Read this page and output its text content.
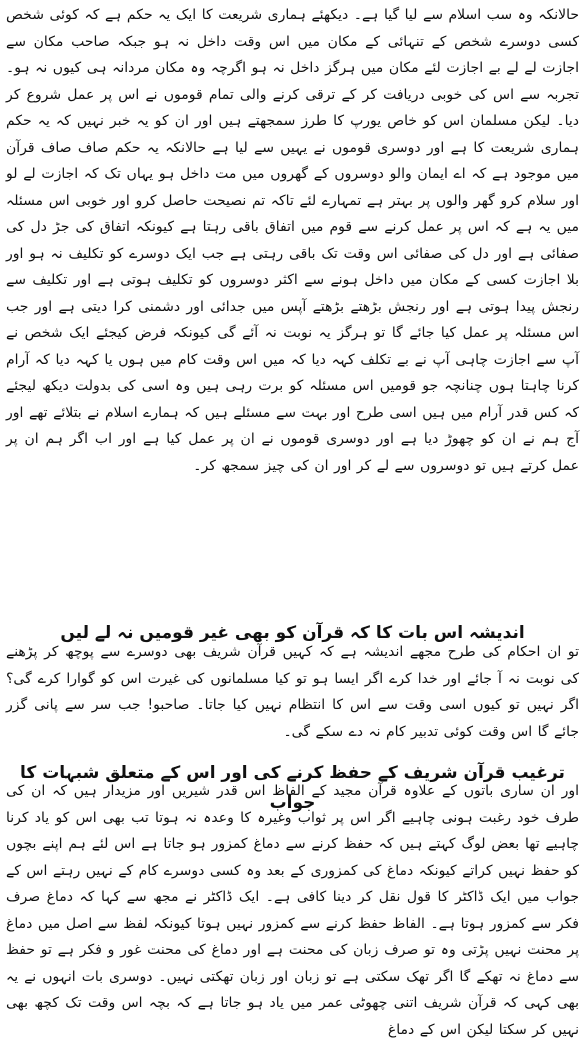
حالانکہ وہ سب اسلام سے لیا گیا ہے۔ دیکھئے ہماری شریعت کا ایک یہ حکم ہے کہ کوئی شخص کسی دوسرے شخص کے تنہائی کے مکان میں اس وقت داخل نہ ہو جبکہ صاحب مکان سے اجازت لے لے بے اجازت لئے مکان میں ہرگز داخل نہ ہو اگرچہ وہ مکان مردانہ ہی کیوں نہ ہو۔ تجربہ سے اس کی خوبی دریافت کر کے ترقی کرنے والی تمام قوموں نے اس پر عمل شروع کر دیا۔ لیکن مسلمان اس کو خاص یورپ کا طرز سمجھتے ہیں اور ان کو یہ خبر نہیں کہ یہ حکم ہماری شریعت کا ہے اور دوسری قوموں نے یہیں سے لیا ہے حالانکہ یہ حکم صاف صاف قرآن میں موجود ہے کہ اے ایمان والو دوسروں کے گھروں میں مت داخل ہو یہاں تک کہ اجازت لے لو اور سلام کرو گھر والوں پر بہتر ہے تمہارے لئے تاکہ تم نصیحت حاصل کرو اور خوبی اس مسئلہ میں یہ ہے کہ اس پر عمل کرنے سے قوم میں اتفاق باقی رہتا ہے کیونکہ اتفاق کی جڑ دل کی صفائی ہے اور دل کی صفائی اس وقت تک باقی رہتی ہے جب ایک دوسرے کو تکلیف نہ ہو اور بلا اجازت کسی کے مکان میں داخل ہونے سے اکثر دوسروں کو تکلیف ہوتی ہے اور تکلیف سے رنجش پیدا ہوتی ہے اور رنجش بڑھتے بڑھتے آپس میں جدائی اور دشمنی کرا دیتی ہے اور جب اس مسئلہ پر عمل کیا جائے گا تو ہرگز یہ نوبت نہ آئے گی کیونکہ فرض کیجئے ایک شخص نے آپ سے اجازت چاہی آپ نے بے تکلف کہہ دیا کہ میں اس وقت کام میں ہوں یا کہہ دیا کہ آرام کرنا چاہتا ہوں چنانچہ جو قومیں اس مسئلہ کو برت رہی ہیں وہ اسی کی بدولت دیکھ لیجئے کہ کس قدر آرام میں ہیں اسی طرح اور بہت سے مسئلے ہیں کہ ہمارے اسلام نے بتلائے تھے اور آج ہم نے ان کو چھوڑ دیا ہے اور دوسری قوموں نے ان پر عمل کیا ہے اور اب اگر ہم ان پر عمل کرتے ہیں تو دوسروں سے لے کر اور ان کی چیز سمجھ کر۔

اندیشہ اس بات کا کہ قرآن کو بھی غیر قومیں نہ لے لیں

تو ان احکام کی طرح مجھے اندیشہ ہے کہ کہیں قرآن شریف بھی دوسرے سے پوچھ کر پڑھنے کی نوبت نہ آ جائے اور خدا کرے اگر ایسا ہو تو کیا مسلمانوں کی غیرت اس کو گوارا کرے گی؟ اگر نہیں تو کیوں اسی وقت سے اس کا انتظام نہیں کیا جاتا۔ صاحبو! جب سر سے پانی گزر جائے گا اس وقت کوئی تدبیر کام نہ دے سکے گی۔

ترغیب قرآن شریف کے حفظ کرنے کی اور اس کے متعلق شبہات کا جواب

اور ان ساری باتوں کے علاوہ قرآن مجید کے الفاظ اس قدر شیریں اور مزیدار ہیں کہ ان کی طرف خود رغبت ہونی چاہیے اگر اس پر ثواب وغیرہ کا وعدہ نہ ہوتا تب بھی اس کو یاد کرنا چاہیے تھا بعض لوگ کہتے ہیں کہ حفظ کرنے سے دماغ کمزور ہو جاتا ہے اس لئے ہم اپنے بچوں کو حفظ نہیں کراتے کیونکہ دماغ کی کمزوری کے بعد وہ کسی دوسرے کام کے نہیں رہتے اس کے جواب میں ایک ڈاکٹر کا قول نقل کر دینا کافی ہے۔ ایک ڈاکٹر نے مجھ سے کہا کہ دماغ صرف فکر سے کمزور ہوتا ہے۔ الفاظ حفظ کرنے سے کمزور نہیں ہوتا کیونکہ لفظ سے اصل میں دماغ پر محنت نہیں پڑتی وہ تو صرف زبان کی محنت ہے اور دماغ کی محنت غور و فکر ہے تو حفظ سے دماغ نہ تھکے گا اگر تھک سکتی ہے تو زبان اور زبان تھکتی نہیں۔ دوسری بات انہوں نے یہ بھی کہی کہ قرآن شریف اتنی چھوٹی عمر میں یاد ہو جاتا ہے کہ بچہ اس وقت تک کچھ بھی نہیں کر سکتا لیکن اس کے دماغ
